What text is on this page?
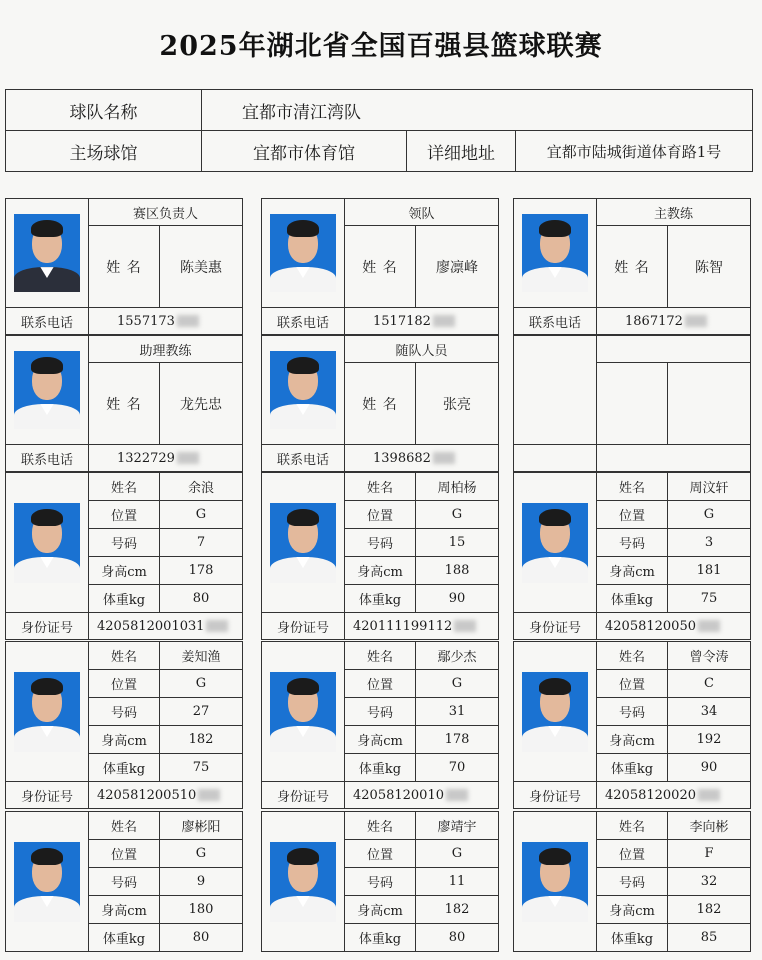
2025年湖北省全国百强县篮球联赛
球队名称	宜都市清江湾队		
主场球馆	宜都市体育馆	详细地址	宜都市陆城街道体育路1号
	赛区负责人	
	姓 名	陈美惠
联系电话	1557173	
	领队	
	姓 名	廖凛峰
联系电话	1517182	
	主教练	
	姓 名	陈智
联系电话	1867172	
	助理教练	
	姓 名	龙先忠
联系电话	1322729	
	随队人员	
	姓 名	张亮
联系电话	1398682	

	姓名	余浪
	位置	G
	号码	7
	身高cm	178
	体重kg	80
身份证号	42058120010З1	
	姓名	周柏杨
	位置	G
	号码	15
	身高cm	188
	体重kg	90
身份证号	42011119911‍2	
	姓名	周汶轩
	位置	G
	号码	3
	身高cm	181
	体重kg	75
身份证号	42058120050	
	姓名	姜知渔
	位置	G
	号码	27
	身高cm	182
	体重kg	75
身份证号	420581200510	
	姓名	鄢少杰
	位置	G
	号码	31
	身高cm	178
	体重kg	70
身份证号	42058120010	
	姓名	曾令涛
	位置	C
	号码	34
	身高cm	192
	体重kg	90
身份证号	42058120020	
	姓名	廖彬阳
	位置	G
	号码	9
	身高cm	180
	体重kg	80
	姓名	廖靖宇
	位置	G
	号码	11
	身高cm	182
	体重kg	80
	姓名	李向彬
	位置	F
	号码	32
	身高cm	182
	体重kg	85
